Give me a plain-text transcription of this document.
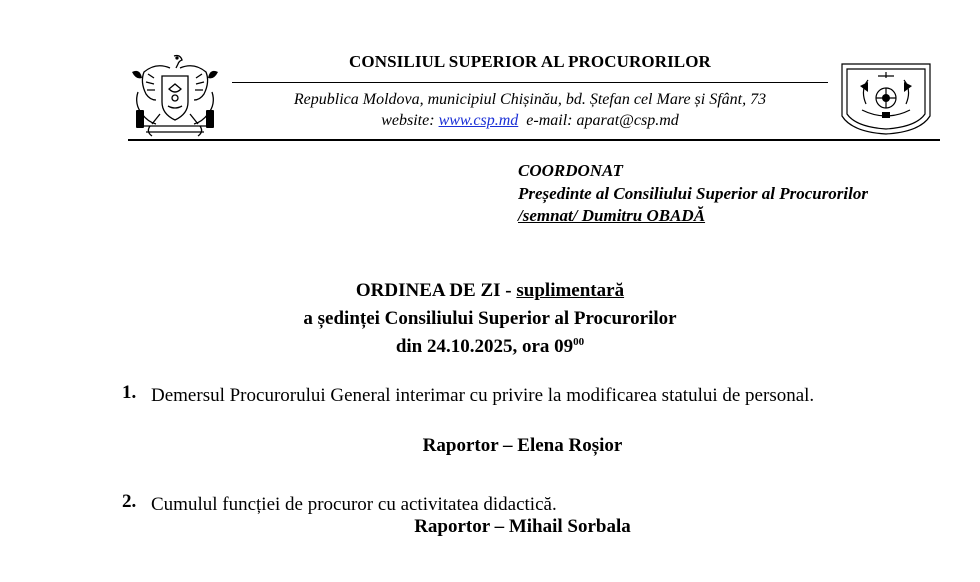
CONSILIUL SUPERIOR AL PROCURORILOR
Republica Moldova, municipiul Chișinău, bd. Ștefan cel Mare și Sfânt, 73
website: www.csp.md e-mail: aparat@csp.md
COORDONAT
Președinte al Consiliului Superior al Procurorilor
/semnat/ Dumitru OBADĂ
ORDINEA DE ZI - suplimentară
a ședinței Consiliului Superior al Procurorilor
din 24.10.2025, ora $09^{00}$
1. Demersul Procurorului General interimar cu privire la modificarea statului de personal.
Raportor – Elena Roșior
2. Cumulul funcției de procuror cu activitatea didactică.
Raportor – Mihail Sorbala
